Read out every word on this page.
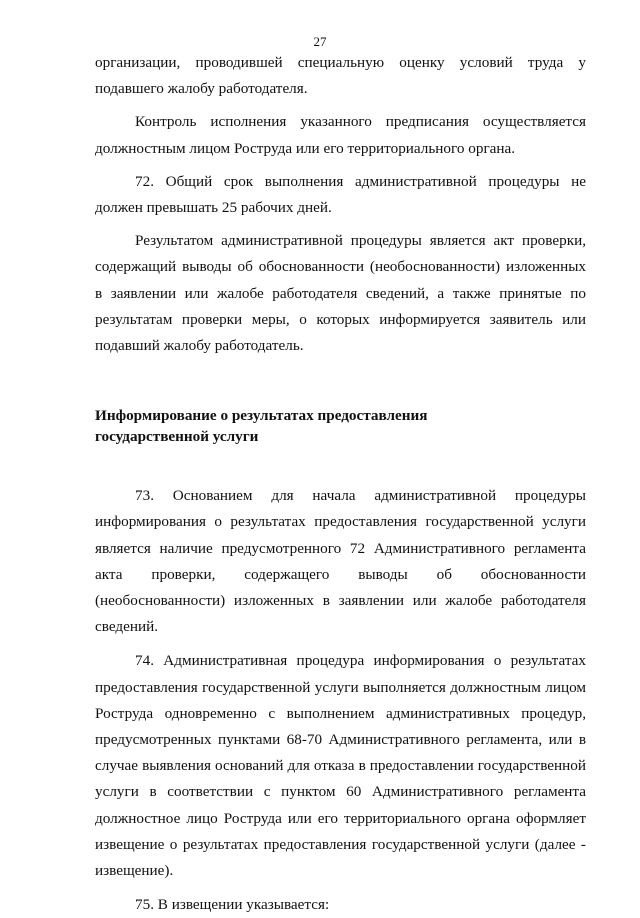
27

организации, проводившей специальную оценку условий труда у подавшего жалобу работодателя.

Контроль исполнения указанного предписания осуществляется должностным лицом Роструда или его территориального органа.

72. Общий срок выполнения административной процедуры не должен превышать 25 рабочих дней.

Результатом административной процедуры является акт проверки, содержащий выводы об обоснованности (необоснованности) изложенных в заявлении или жалобе работодателя сведений, а также принятые по результатам проверки меры, о которых информируется заявитель или подавший жалобу работодатель.

Информирование о результатах предоставления

государственной услуги

73. Основанием для начала административной процедуры информирования о результатах предоставления государственной услуги является наличие предусмотренного 72 Административного регламента акта проверки, содержащего выводы об обоснованности (необоснованности) изложенных в заявлении или жалобе работодателя сведений.

74. Административная процедура информирования о результатах предоставления государственной услуги выполняется должностным лицом Роструда одновременно с выполнением административных процедур, предусмотренных пунктами 68-70 Административного регламента, или в случае выявления оснований для отказа в предоставлении государственной услуги в соответствии с пунктом 60 Административного регламента должностное лицо Роструда или его территориального органа оформляет извещение о результатах предоставления государственной услуги (далее - извещение).

75. В извещении указывается:
